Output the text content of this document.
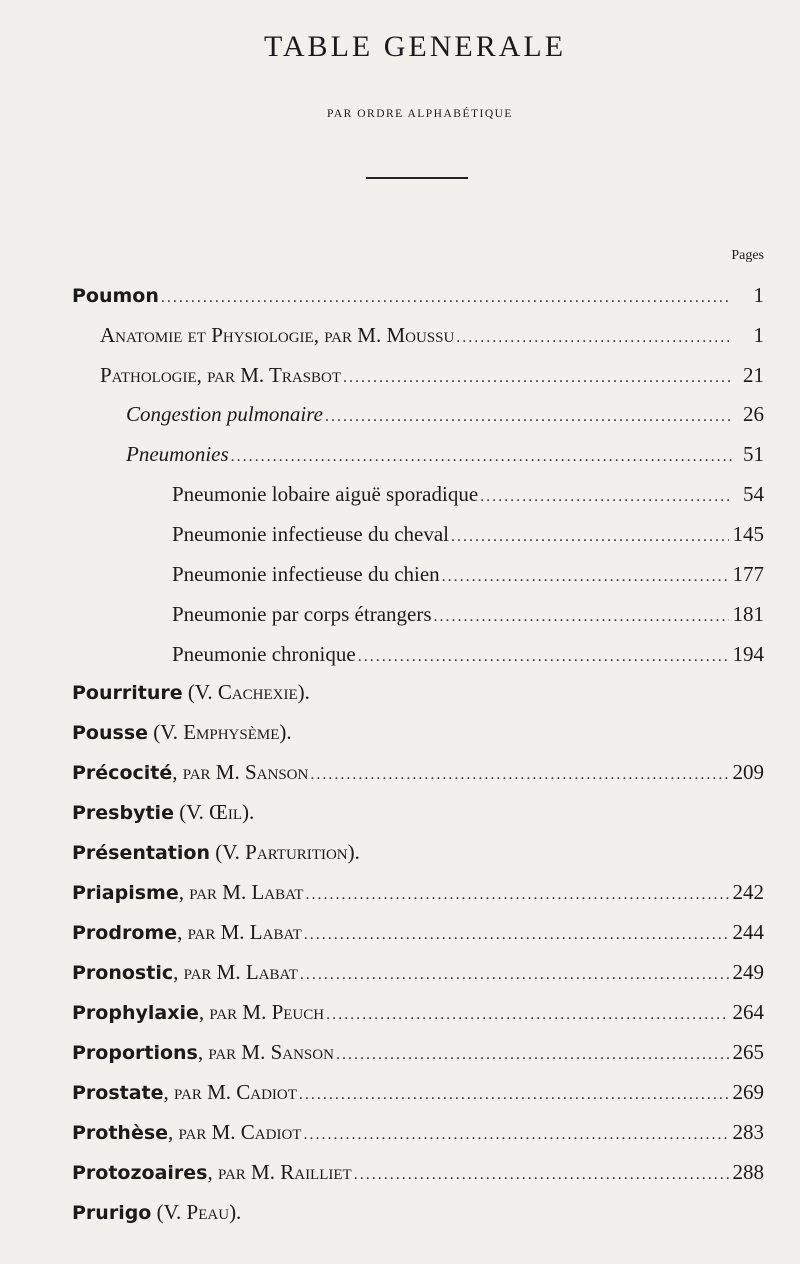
TABLE GENERALE
PAR ORDRE ALPHABÉTIQUE
Pages
Poumon .....	1
Anatomie et Physiologie, par M. Moussu .....	1
Pathologie, par M. Trasbot .....	21
Congestion pulmonaire .....	26
Pneumonies .....	51
Pneumonie lobaire aiguë sporadique .....	54
Pneumonie infectieuse du cheval .....	145
Pneumonie infectieuse du chien .....	177
Pneumonie par corps étrangers .....	181
Pneumonie chronique .....	194
Pourriture (V. Cachexie).
Pousse (V. Emphysème).
Précocité, par M. Sanson .....	209
Presbytie (V. Œil).
Présentation (V. Parturition).
Priapisme, par M. Labat .....	242
Prodrome, par M. Labat .....	244
Pronostic, par M. Labat .....	249
Prophylaxie, par M. Peuch .....	264
Proportions, par M. Sanson .....	265
Prostate, par M. Cadiot .....	269
Prothèse, par M. Cadiot .....	283
Protozoaires, par M. Railliet .....	288
Prurigo (V. Peau).
